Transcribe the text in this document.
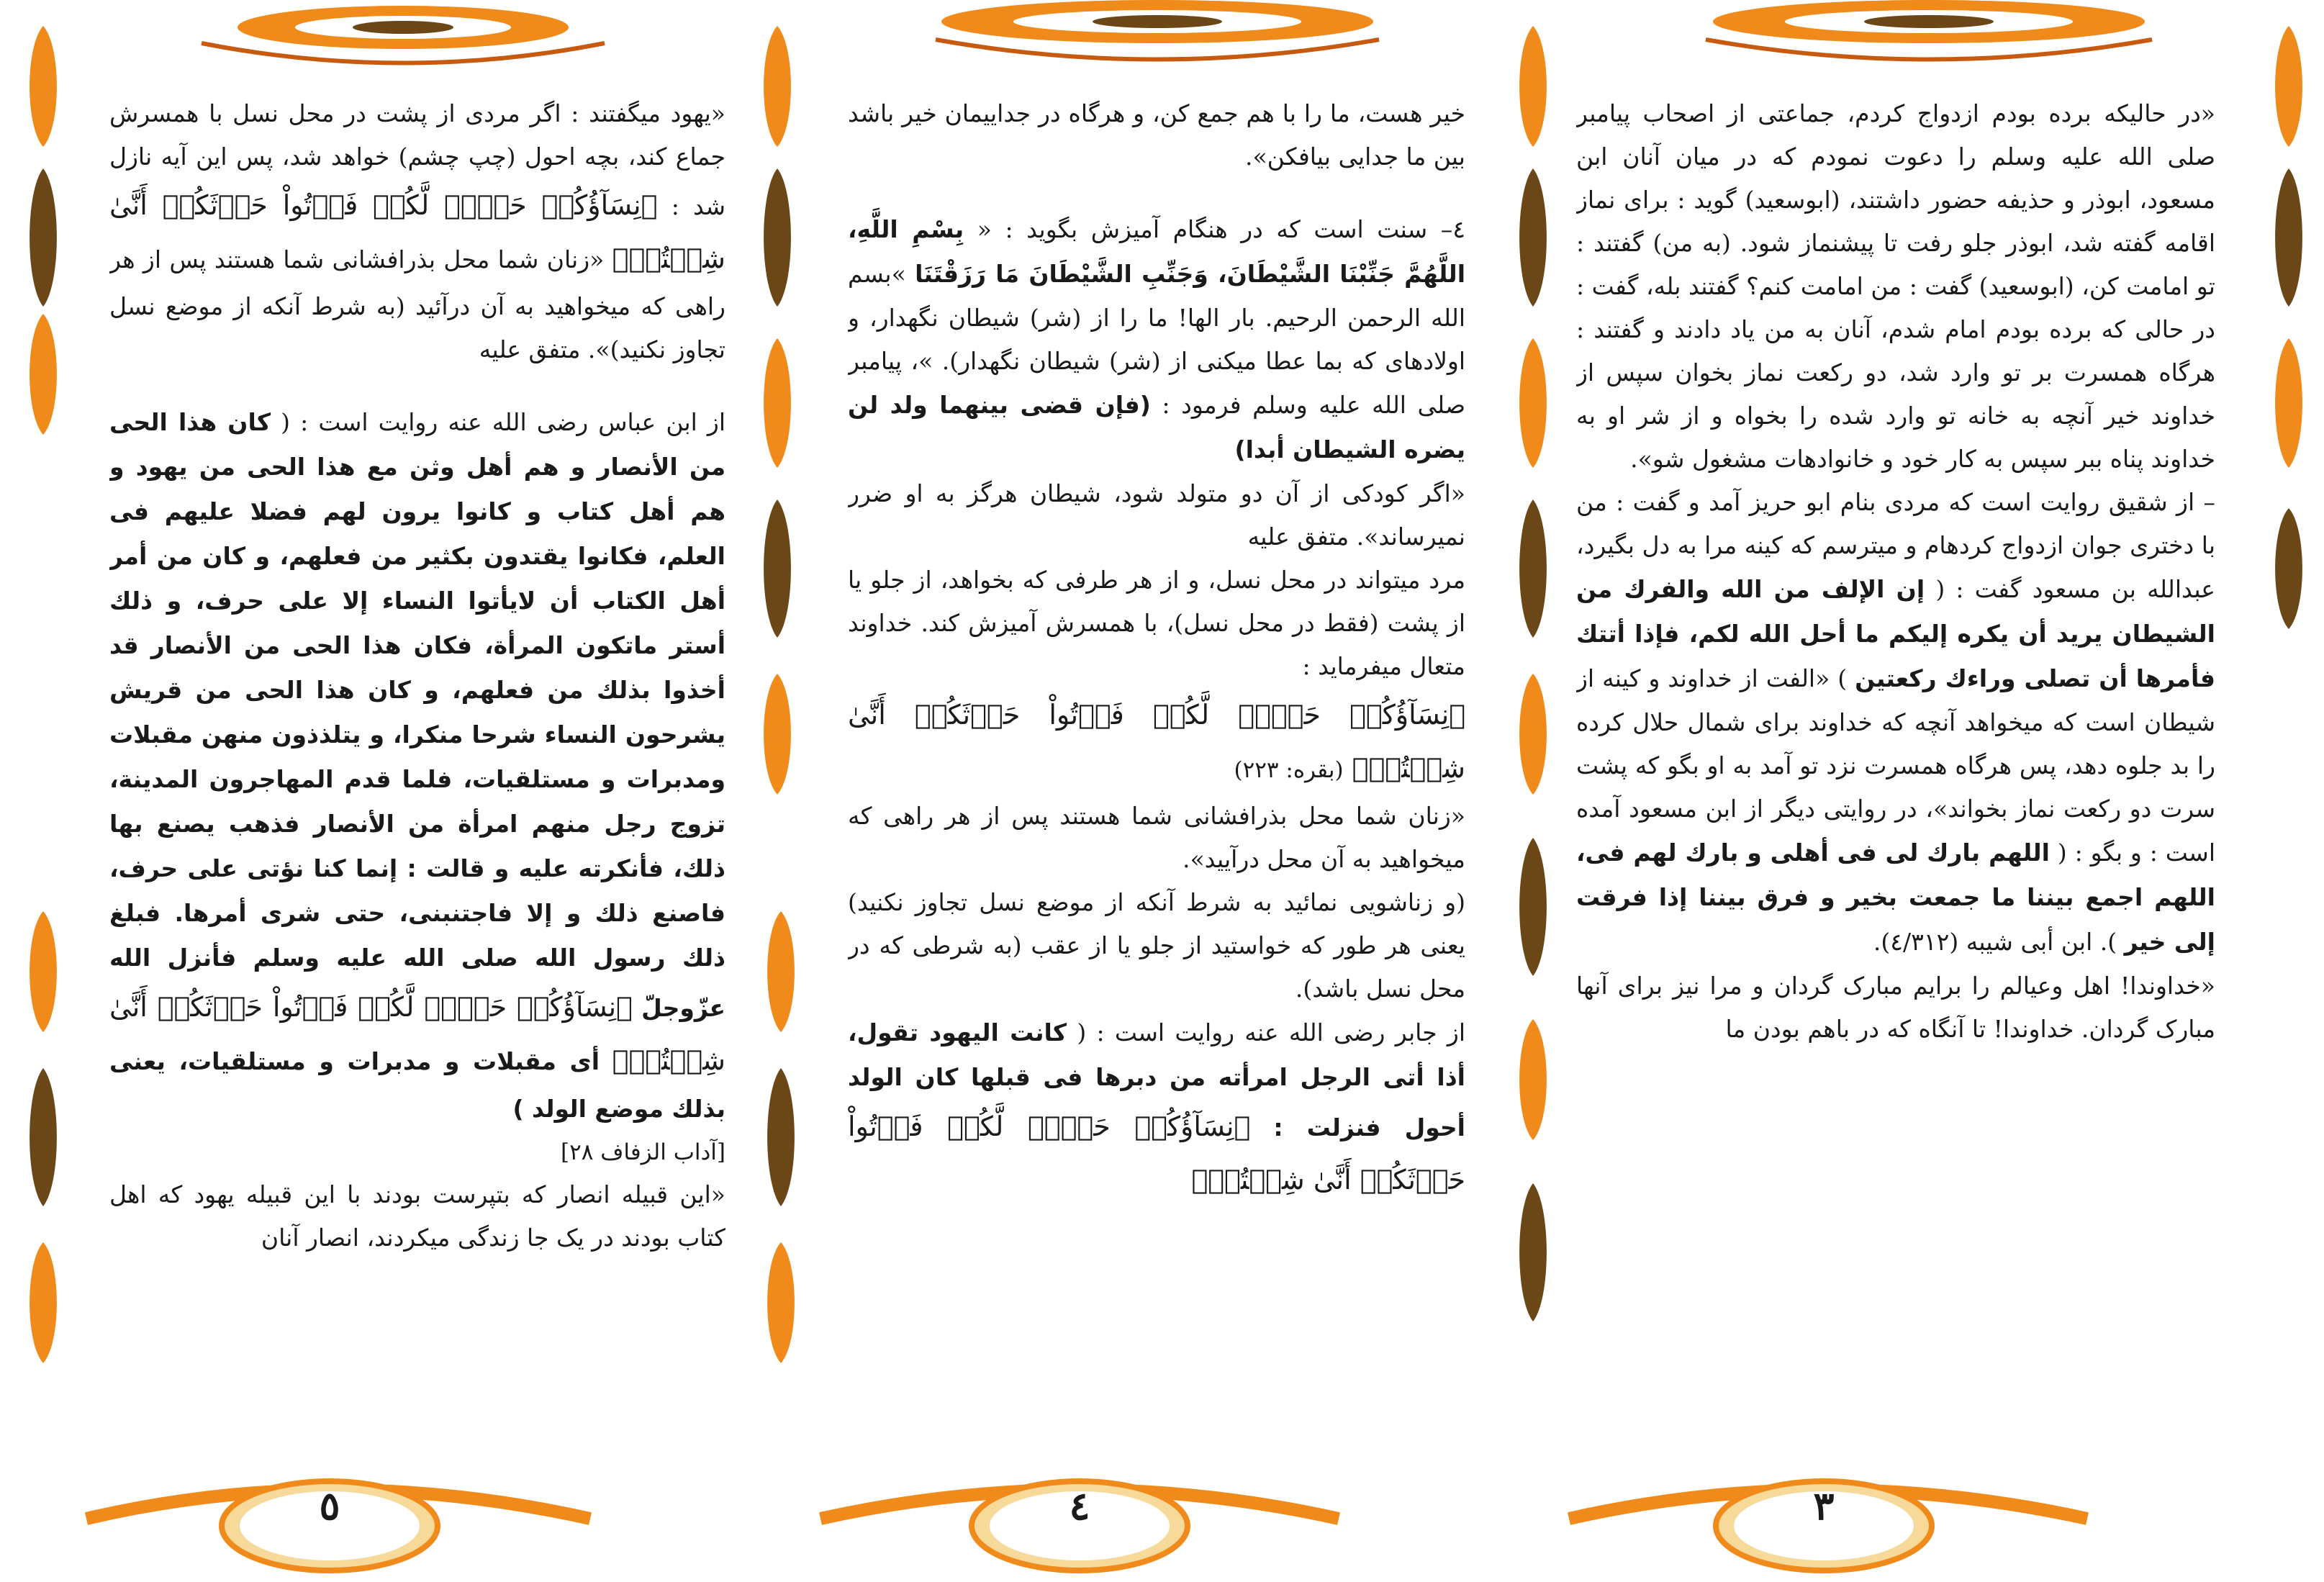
«در حالیکه برده بودم ازدواج کردم، جماعتی از اصحاب پیامبر صلی الله علیه وسلم را دعوت نمودم که در میان آنان ابن مسعود، ابوذر و حذیفه حضور داشتند، (ابوسعید) گوید : برای نماز اقامه گفته شد، ابوذر جلو رفت تا پیشنماز شود. (به من) گفتند : تو امامت کن، (ابوسعید) گفت : من امامت کنم؟ گفتند بله، گفت : در حالی که برده بودم امام شدم، آنان به من یاد دادند و گفتند : هرگاه همسرت بر تو وارد شد، دو رکعت نماز بخوان سپس از خداوند خیر آنچه به خانه تو وارد شده را بخواه و از شر او به خداوند پناه ببر سپس به کار خود و خانوادهات مشغول شو».

– از شقیق روایت است که مردی بنام ابو حریز آمد و گفت : من با دختری جوان ازدواج کردهام و میترسم که کینه مرا به دل بگیرد، عبدالله بن مسعود گفت : ( إن الإلف من الله والفرك من الشيطان يريد أن يكره إليكم ما أحل الله لكم، فإذا أتتك فأمرها أن تصلى وراءك ركعتين ) «الفت از خداوند و کینه از شیطان است که میخواهد آنچه که خداوند برای شمال حلال کرده را بد جلوه دهد، پس هرگاه همسرت نزد تو آمد به او بگو که پشت سرت دو رکعت نماز بخواند»، در روایتی دیگر از ابن مسعود آمده است : و بگو : ( اللهم بارك لى فى أهلى و بارك لهم فى، اللهم اجمع بيننا ما جمعت بخير و فرق بيننا إذا فرقت إلى خير ). ابن أبى شيبه (٤/٣١٢).

«خداوندا! اهل وعیالم را برایم مبارک گردان و مرا نیز برای آنها مبارک گردان. خداوندا! تا آنگاه که در باهم بودن ما

خیر هست، ما را با هم جمع کن، و هرگاه در جداییمان خیر باشد بین ما جدایی بیافکن».

٤– سنت است که در هنگام آمیزش بگوید : « بِسْمِ اللَّهِ، اللَّهُمَّ جَنِّبْنَا الشَّيْطَانَ، وَجَنِّبِ الشَّيْطَانَ مَا رَزَقْتَنَا »بسم الله الرحمن الرحیم. بار الها! ما را از (شر) شیطان نگهدار، و اولادهای که بما عطا میکنی از (شر) شیطان نگهدار). »، پیامبر صلی الله علیه وسلم فرمود : (فإن قضى بينهما ولد لن يضره الشيطان أبدا)

«اگر کودکی از آن دو متولد شود، شیطان هرگز به او ضرر نمیرساند». متفق علیه

مرد میتواند در محل نسل، و از هر طرفی که بخواهد، از جلو یا از پشت (فقط در محل نسل)، با همسرش آمیزش کند. خداوند متعال میفرماید :

﴿نِسَآؤُكُمۡ حَرۡثٞ لَّكُمۡ فَأۡتُواْ حَرۡثَكُمۡ أَنَّىٰ شِئۡتُمۡ﴾ (بقره: ٢٢٣)

«زنان شما محل بذرافشانی شما هستند پس از هر راهی که میخواهید به آن محل درآیید».

(و زناشویی نمائید به شرط آنکه از موضع نسل تجاوز نکنید) یعنی هر طور که خواستید از جلو یا از عقب (به شرطی که در محل نسل باشد).

از جابر رضی الله عنه روایت است : ( كانت اليهود تقول، أذا أتى الرجل امرأته من دبرها فى قبلها كان الولد أحول فنزلت : ﴿نِسَآؤُكُمۡ حَرۡثٞ لَّكُمۡ فَأۡتُواْ حَرۡثَكُمۡ أَنَّىٰ شِئۡتُمۡ﴾

«یهود میگفتند : اگر مردی از پشت در محل نسل با همسرش جماع کند، بچه احول (چپ چشم) خواهد شد، پس این آیه نازل شد : ﴿نِسَآؤُكُمۡ حَرۡثٞ لَّكُمۡ فَأۡتُواْ حَرۡثَكُمۡ أَنَّىٰ شِئۡتُمۡ﴾ «زنان شما محل بذرافشانی شما هستند پس از هر راهی که میخواهید به آن درآئید (به شرط آنکه از موضع نسل تجاوز نکنید)». متفق علیه

از ابن عباس رضی الله عنه روایت است : ( كان هذا الحى من الأنصار و هم أهل وثن مع هذا الحى من يهود و هم أهل كتاب و كانوا يرون لهم فضلا عليهم فى العلم، فكانوا يقتدون بكثير من فعلهم، و كان من أمر أهل الكتاب أن لايأتوا النساء إلا على حرف، و ذلك أستر ماتكون المرأة، فكان هذا الحى من الأنصار قد أخذوا بذلك من فعلهم، و كان هذا الحى من قريش يشرحون النساء شرحا منكرا، و يتلذذون منهن مقبلات ومدبرات و مستلقيات، فلما قدم المهاجرون المدينة، تزوج رجل منهم امرأة من الأنصار فذهب يصنع بها ذلك، فأنكرته عليه و قالت : إنما كنا نؤتى على حرف، فاصنع ذلك و إلا فاجتنبنى، حتى شرى أمرها. فبلغ ذلك رسول الله صلى الله عليه وسلم فأنزل الله عزّوجلّ ﴿نِسَآؤُكُمۡ حَرۡثٞ لَّكُمۡ فَأۡتُواْ حَرۡثَكُمۡ أَنَّىٰ شِئۡتُمۡ﴾ أى مقبلات و مدبرات و مستلقيات، يعنى بذلك موضع الولد )

[آداب الزفاف ٢٨]

«این قبیله انصار که بتپرست بودند با این قبیله یهود که اهل کتاب بودند در یک جا زندگی میکردند، انصار آنان

٣
٤
٥
